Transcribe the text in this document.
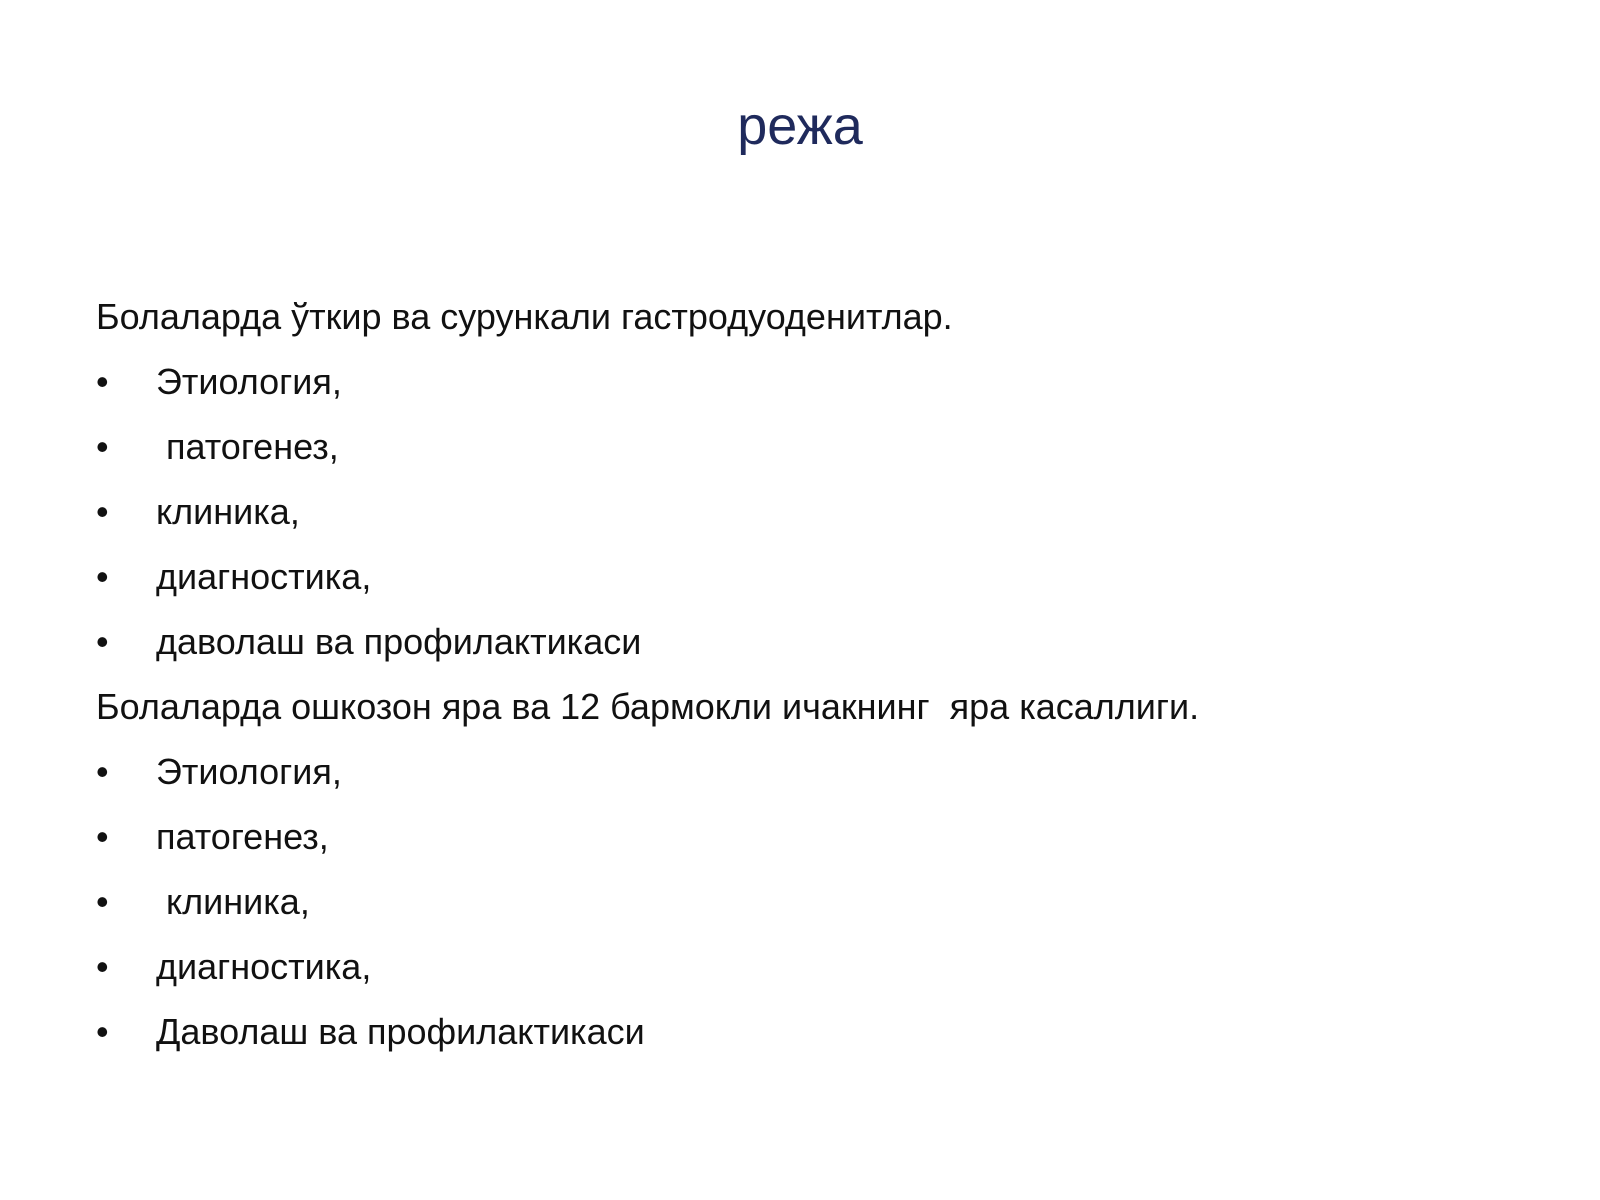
режа

Болаларда ўткир ва сурункали гастродуоденитлар.

• Этиология,
• патогенез,
• клиника,
• диагностика,
• даволаш ва профилактикаси

Болаларда ошкозон яра ва 12 бармокли ичакнинг  яра касаллиги.

• Этиология,
• патогенез,
• клиника,
• диагностика,
• Даволаш ва профилактикаси
